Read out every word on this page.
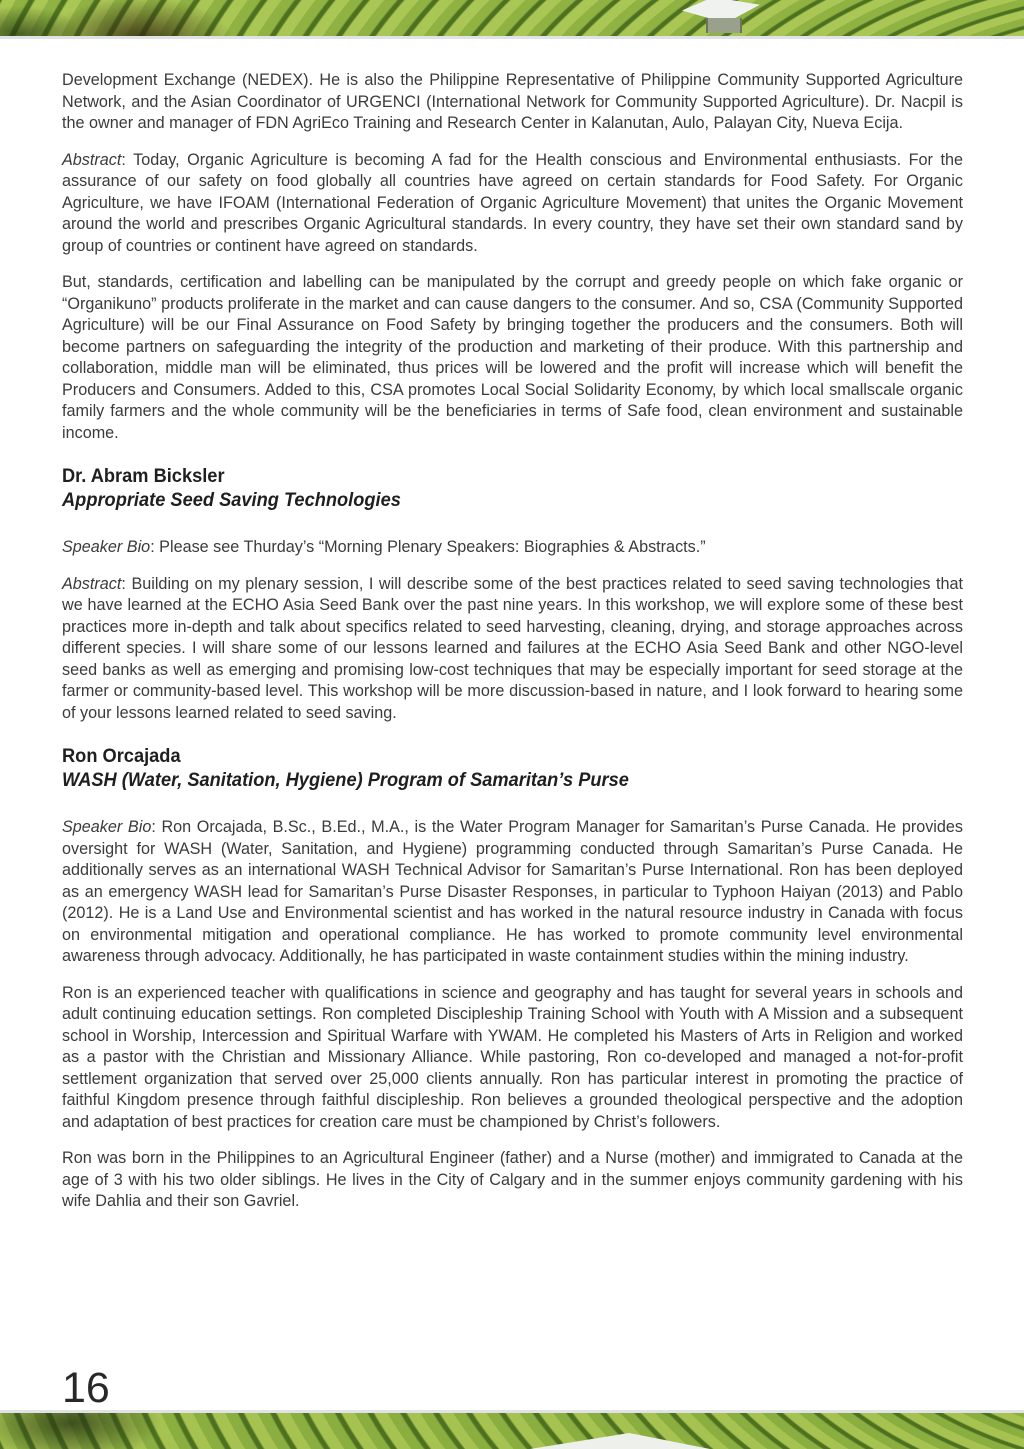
Development Exchange (NEDEX). He is also the Philippine Representative of Philippine Community Supported Agriculture Network, and the Asian Coordinator of URGENCI (International Network for Community Supported Agriculture). Dr. Nacpil is the owner and manager of FDN AgriEco Training and Research Center in Kalanutan, Aulo, Palayan City, Nueva Ecija.

Abstract: Today, Organic Agriculture is becoming A fad for the Health conscious and Environmental enthusiasts. For the assurance of our safety on food globally all countries have agreed on certain standards for Food Safety. For Organic Agriculture, we have IFOAM (International Federation of Organic Agriculture Movement) that unites the Organic Movement around the world and prescribes Organic Agricultural standards. In every country, they have set their own standard sand by group of countries or continent have agreed on standards.

But, standards, certification and labelling can be manipulated by the corrupt and greedy people on which fake organic or “Organikuno” products proliferate in the market and can cause dangers to the consumer. And so, CSA (Community Supported Agriculture) will be our Final Assurance on Food Safety by bringing together the producers and the consumers. Both will become partners on safeguarding the integrity of the production and marketing of their produce. With this partnership and collaboration, middle man will be eliminated, thus prices will be lowered and the profit will increase which will benefit the Producers and Consumers. Added to this, CSA promotes Local Social Solidarity Economy, by which local smallscale organic family farmers and the whole community will be the beneficiaries in terms of Safe food, clean environment and sustainable income.

Dr. Abram Bicksler
Appropriate Seed Saving Technologies

Speaker Bio: Please see Thurday’s “Morning Plenary Speakers: Biographies & Abstracts.”

Abstract: Building on my plenary session, I will describe some of the best practices related to seed saving technologies that we have learned at the ECHO Asia Seed Bank over the past nine years. In this workshop, we will explore some of these best practices more in-depth and talk about specifics related to seed harvesting, cleaning, drying, and storage approaches across different species. I will share some of our lessons learned and failures at the ECHO Asia Seed Bank and other NGO-level seed banks as well as emerging and promising low-cost techniques that may be especially important for seed storage at the farmer or community-based level. This workshop will be more discussion-based in nature, and I look forward to hearing some of your lessons learned related to seed saving.

Ron Orcajada
WASH (Water, Sanitation, Hygiene) Program of Samaritan’s Purse

Speaker Bio: Ron Orcajada, B.Sc., B.Ed., M.A., is the Water Program Manager for Samaritan’s Purse Canada. He provides oversight for WASH (Water, Sanitation, and Hygiene) programming conducted through Samaritan’s Purse Canada. He additionally serves as an international WASH Technical Advisor for Samaritan’s Purse International. Ron has been deployed as an emergency WASH lead for Samaritan’s Purse Disaster Responses, in particular to Typhoon Haiyan (2013) and Pablo (2012). He is a Land Use and Environmental scientist and has worked in the natural resource industry in Canada with focus on environmental mitigation and operational compliance. He has worked to promote community level environmental awareness through advocacy. Additionally, he has participated in waste containment studies within the mining industry.

Ron is an experienced teacher with qualifications in science and geography and has taught for several years in schools and adult continuing education settings. Ron completed Discipleship Training School with Youth with A Mission and a subsequent school in Worship, Intercession and Spiritual Warfare with YWAM. He completed his Masters of Arts in Religion and worked as a pastor with the Christian and Missionary Alliance. While pastoring, Ron co-developed and managed a not-for-profit settlement organization that served over 25,000 clients annually. Ron has particular interest in promoting the practice of faithful Kingdom presence through faithful discipleship. Ron believes a grounded theological perspective and the adoption and adaptation of best practices for creation care must be championed by Christ’s followers.

Ron was born in the Philippines to an Agricultural Engineer (father) and a Nurse (mother) and immigrated to Canada at the age of 3 with his two older siblings. He lives in the City of Calgary and in the summer enjoys community gardening with his wife Dahlia and their son Gavriel.

16
